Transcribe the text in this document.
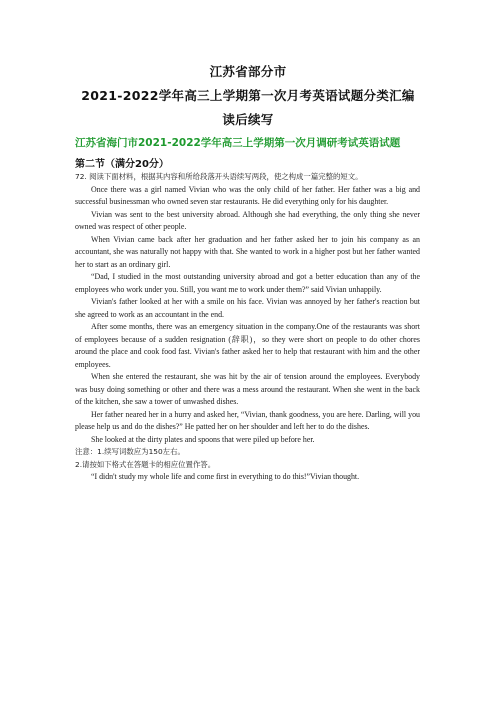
江苏省部分市
2021-2022学年高三上学期第一次月考英语试题分类汇编
读后续写
江苏省海门市2021-2022学年高三上学期第一次月调研考试英语试题
第二节（满分20分）

72. 阅读下面材料，根据其内容和所给段落开头语续写两段，使之构成一篇完整的短文。

Once there was a girl named Vivian who was the only child of her father. Her father was a big and successful businessman who owned seven star restaurants. He did everything only for his daughter.

Vivian was sent to the best university abroad. Although she had everything, the only thing she never owned was respect of other people.

When Vivian came back after her graduation and her father asked her to join his company as an accountant, she was naturally not happy with that. She wanted to work in a higher post but her father wanted her to start as an ordinary girl.

“Dad, I studied in the most outstanding university abroad and got a better education than any of the employees who work under you. Still, you want me to work under them?” said Vivian unhappily.

Vivian's father looked at her with a smile on his face. Vivian was annoyed by her father's reaction but she agreed to work as an accountant in the end.

After some months, there was an emergency situation in the company.One of the restaurants was short of employees because of a sudden resignation (辞职)，so they were short on people to do other chores around the place and cook food fast. Vivian's father asked her to help that restaurant with him and the other employees.

When she entered the restaurant, she was hit by the air of tension around the employees. Everybody was busy doing something or other and there was a mess around the restaurant. When she went in the back of the kitchen, she saw a tower of unwashed dishes.

Her father neared her in a hurry and asked her, “Vivian, thank goodness, you are here. Darling, will you please help us and do the dishes?” He patted her on her shoulder and left her to do the dishes.

She looked at the dirty plates and spoons that were piled up before her.

注意：1.续写词数应为150左右。

2.请按如下格式在答题卡的相应位置作答。

“I didn't study my whole life and come first in everything to do this!”Vivian thought.
